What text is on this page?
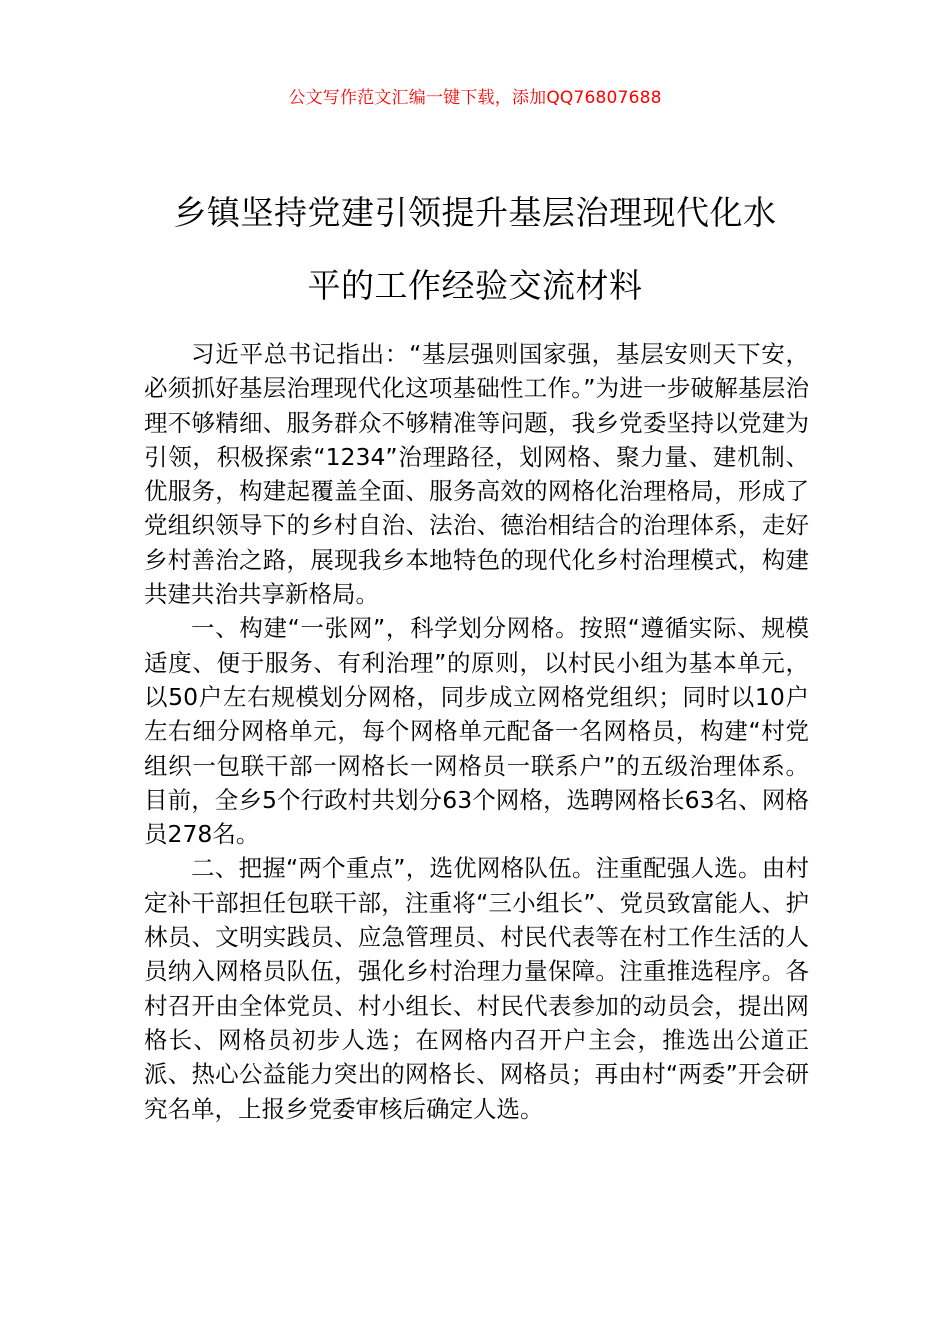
公文写作范文汇编一键下载，添加QQ76807688
乡镇坚持党建引领提升基层治理现代化水
平的工作经验交流材料

习近平总书记指出：“基层强则国家强，基层安则天下安，必须抓好基层治理现代化这项基础性工作。”为进一步破解基层治理不够精细、服务群众不够精准等问题，我乡党委坚持以党建为引领，积极探索“1234”治理路径，划网格、聚力量、建机制、优服务，构建起覆盖全面、服务高效的网格化治理格局，形成了党组织领导下的乡村自治、法治、德治相结合的治理体系，走好乡村善治之路，展现我乡本地特色的现代化乡村治理模式，构建共建共治共享新格局。

一、构建“一张网”，科学划分网格。按照“遵循实际、规模适度、便于服务、有利治理”的原则，以村民小组为基本单元，以50户左右规模划分网格，同步成立网格党组织；同时以10户左右细分网格单元，每个网格单元配备一名网格员，构建“村党组织一包联干部一网格长一网格员一联系户”的五级治理体系。目前，全乡5个行政村共划分63个网格，选聘网格长63名、网格员278名。

二、把握“两个重点”，选优网格队伍。注重配强人选。由村定补干部担任包联干部，注重将“三小组长”、党员致富能人、护林员、文明实践员、应急管理员、村民代表等在村工作生活的人员纳入网格员队伍，强化乡村治理力量保障。注重推选程序。各村召开由全体党员、村小组长、村民代表参加的动员会，提出网格长、网格员初步人选；在网格内召开户主会，推选出公道正派、热心公益能力突出的网格长、网格员；再由村“两委”开会研究名单，上报乡党委审核后确定人选。
